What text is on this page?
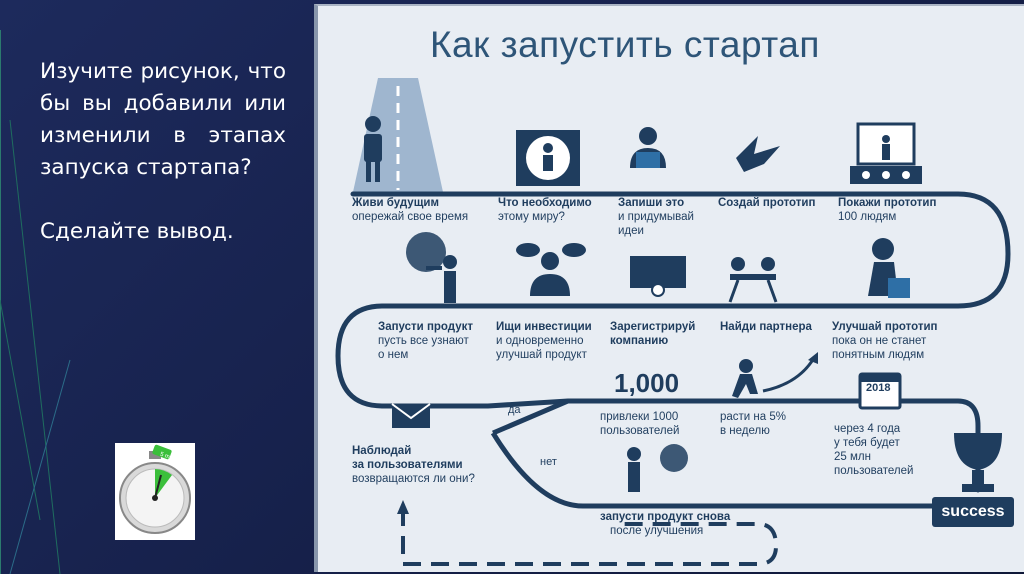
Изучите рисунок, что бы вы добавили или изменили в этапах запуска стартапа?
Сделайте вывод.
5 min
Как запустить стартап
Живи будущим
опережай свое время
Что необходимо
этому миру?
Запиши это
и придумывай
идеи
Создай прототип Покажи прототип
100 людям
Запусти продукт
пусть все узнают
о нем
Ищи инвестиции
и одновременно
улучшай продукт
Зарегистрируй
компанию
Найди партнера Улучшай прототип
пока он не станет
понятным людям
1,000	2018
да
нет
привлеки 1000
пользователей
расти на 5%
в неделю	через 4 года
у тебя будет
25 млн
пользователей
Наблюдай
за пользователями
возвращаются ли они?
запусти продукт снова
после улучшения
success
